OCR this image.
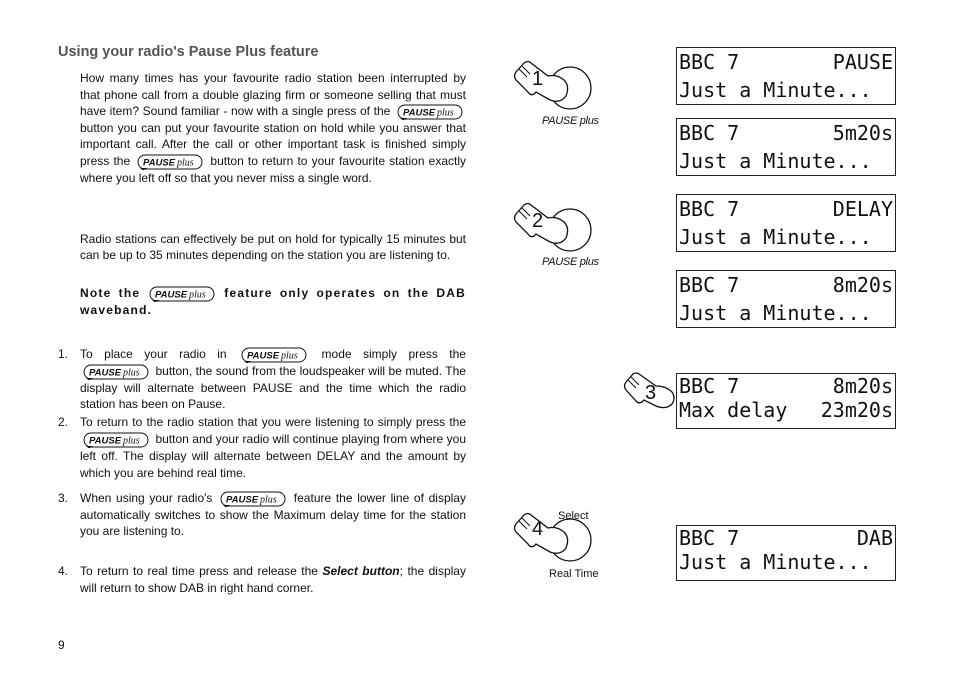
Using your radio's Pause Plus feature

How many times has your favourite radio station been interrupted by that phone call from a double glazing firm or someone selling that must have item? Sound familiar - now with a single press of the  button you can put your favourite station on hold while you answer that important call. After the call or other important task is finished simply press the	button to return to your favourite station exactly where you left off so that you never miss a single word.

Radio stations can effectively be put on hold for typically 15 minutes but can be up to 35 minutes depending on the station you are listening to.

Note the	feature only operates on the DAB waveband.

1. To place your radio in	mode simply press the  button, the sound from the loudspeaker will be muted. The display will alternate between PAUSE and the time which the radio station has been on Pause.

2. To return to the radio station that you were listening to simply press the  button and your radio will continue playing from where you left off. The display will alternate between DELAY and the amount by which you are behind real time.

3. When using your radio's	feature the lower line of display automatically switches to show the Maximum delay time for the station you are listening to.

4. To return to real time press and release the Select button; the display will return to show DAB in right hand corner.

9
1
PAUSE plus
2
PAUSE plus
3
4
Select
Real Time
BBC 7	PAUSE
Just a Minute...
BBC 7	5m20s
Just a Minute...
BBC 7	DELAY
Just a Minute...
BBC 7	8m20s
Just a Minute...
BBC 7	8m20s
Max delay 23m20s
BBC 7	DAB
Just a Minute...
